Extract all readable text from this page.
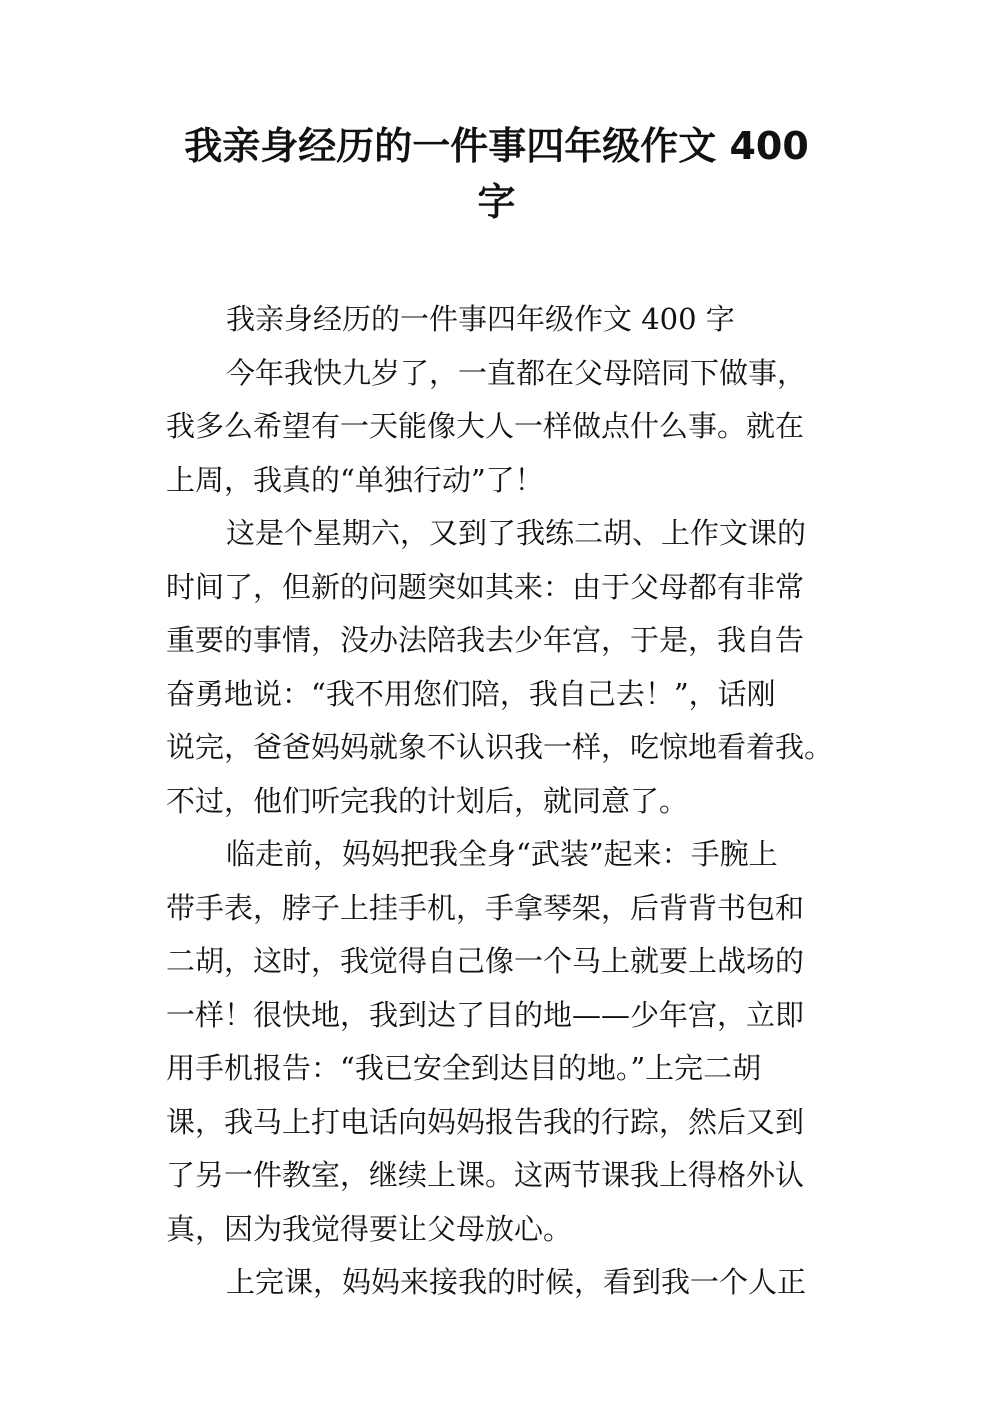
我亲身经历的一件事四年级作文 400
字
我亲身经历的一件事四年级作文 400 字
今年我快九岁了，一直都在父母陪同下做事，
我多么希望有一天能像大人一样做点什么事。就在
上周，我真的“单独行动”了！
这是个星期六，又到了我练二胡、上作文课的
时间了，但新的问题突如其来：由于父母都有非常
重要的事情，没办法陪我去少年宫，于是，我自告
奋勇地说：“我不用您们陪，我自己去！”，话刚
说完，爸爸妈妈就象不认识我一样，吃惊地看着我。
不过，他们听完我的计划后，就同意了。
临走前，妈妈把我全身“武装”起来：手腕上
带手表，脖子上挂手机，手拿琴架，后背背书包和
二胡，这时，我觉得自己像一个马上就要上战场的
一样！很快地，我到达了目的地——少年宫，立即
用手机报告：“我已安全到达目的地。”上完二胡
课，我马上打电话向妈妈报告我的行踪，然后又到
了另一件教室，继续上课。这两节课我上得格外认
真，因为我觉得要让父母放心。
上完课，妈妈来接我的时候，看到我一个人正
